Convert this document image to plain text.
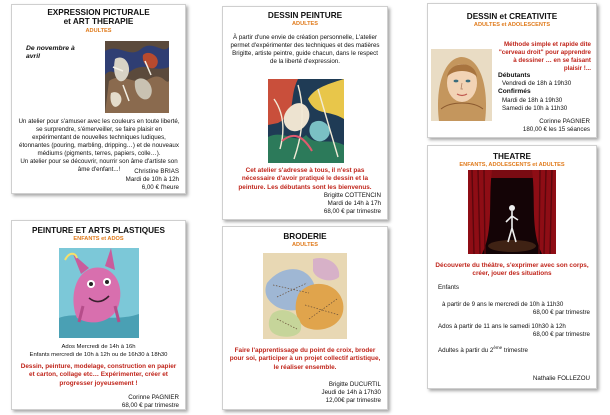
EXPRESSION PICTURALE
et ART THERAPIE
ADULTES
De novembre à avril
Un atelier pour s'amuser avec les couleurs en toute liberté, se surprendre, s'émerveiller, se faire plaisir en expérimentant de nouvelles techniques ludiques, étonnantes (pouring, marbling, dripping…) et de nouveaux médiums (pigments, terres, papiers, colle…).
Un atelier pour se découvrir, nourrir son âme d'artiste son âme d'enfant...!	Christine BRIAS
Mardi de 10h à 12h
6,00 € l'heure
DESSIN PEINTURE
ADULTES
À partir d'une envie de création personnelle, L'atelier permet d'expérimenter des techniques et des matières Brigitte, artiste peintre, guide chacun, dans le respect de la liberté d'expression.
Cet atelier s'adresse à tous, il n'est pas nécessaire d'avoir pratiqué le dessin et la peinture. Les débutants sont les bienvenus.
Brigitte COTTENCIN
Mardi de 14h à 17h
68,00 € par trimestre
DESSIN et CREATIVITE
ADULTES et ADOLESCENTS
Méthode simple et rapide dite "cerveau droit" pour apprendre à dessiner … en se faisant plaisir !...
Débutants
Vendredi de 18h à 19h30
Confirmés
Mardi de 18h à 19h30
Samedi de 10h à 11h30
Corinne PAGNIER
180,00 € les 15 séances
PEINTURE ET ARTS PLASTIQUES
ENFANTS et ADOS
Ados Mercredi de 14h à 16h
Enfants mercredi de 10h à 12h ou de 16h30 à 18h30
Dessin, peinture, modelage, construction en papier et carton, collage etc… Expérimenter, créer et progresser joyeusement !
Corinne PAGNIER
68,00 € par trimestre
BRODERIE
ADULTES
Faire l'apprentissage du point de croix, broder pour soi, participer à un projet collectif artistique, le réaliser ensemble.
Brigitte DUCURTIL
Jeudi de 14h à 17h30
12,00€ par trimestre
THEATRE
ENFANTS, ADOLESCENTS et ADULTES
Découverte du théâtre, s'exprimer avec son corps, créer, jouer des situations
Enfants
à partir de 9 ans le mercredi de 10h à 11h30
68,00 € par trimestre
Ados à partir de 11 ans le samedi 10h30 à 12h
68,00 € par trimestre
Adultes à partir du 2ème trimestre
Nathalie FOLLEZOU
